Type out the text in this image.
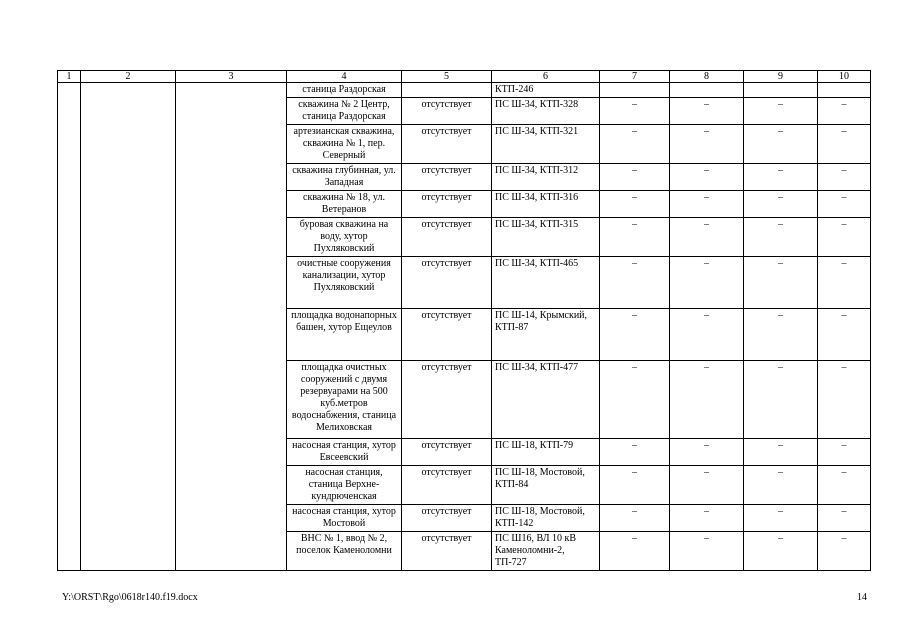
1	2	3	4	5	6	7	8	9	10
			станица Раздорская		КТП-246				
			скважина № 2 Центр, станица Раздорская	отсутствует	ПС Ш-34, КТП-328	–	–	–	–
			артезианская скважина, скважина № 1, пер. Северный	отсутствует	ПС Ш-34, КТП-321	–	–	–	–
			скважина глубинная, ул. Западная	отсутствует	ПС Ш-34, КТП-312	–	–	–	–
			скважина № 18, ул. Ветеранов	отсутствует	ПС Ш-34, КТП-316	–	–	–	–
			буровая скважина на воду, хутор Пухляковский	отсутствует	ПС Ш-34, КТП-315	–	–	–	–
			очистные сооружения канализации, хутор Пухляковский	отсутствует	ПС Ш-34, КТП-465	–	–	–	–
			площадка водонапорных башен, хутор Ещеулов	отсутствует	ПС Ш-14, Крымский, КТП-87	–	–	–	–
			площадка очистных сооружений с двумя резервуарами на 500 куб.метров водоснабжения, станица Мелиховская	отсутствует	ПС Ш-34, КТП-477	–	–	–	–
			насосная станция, хутор Евсеевский	отсутствует	ПС Ш-18, КТП-79	–	–	–	–
			насосная станция, станица Верхне-кундрюченская	отсутствует	ПС Ш-18, Мостовой, КТП-84	–	–	–	–
			насосная станция, хутор Мостовой	отсутствует	ПС Ш-18, Мостовой, КТП-142	–	–	–	–
			ВНС № 1, ввод № 2, поселок Каменоломни	отсутствует	ПС Ш16, ВЛ 10 кВ Каменоломни-2, ТП-727	–	–	–	–
Y:\ORST\Rgo\0618r140.f19.docx	14
